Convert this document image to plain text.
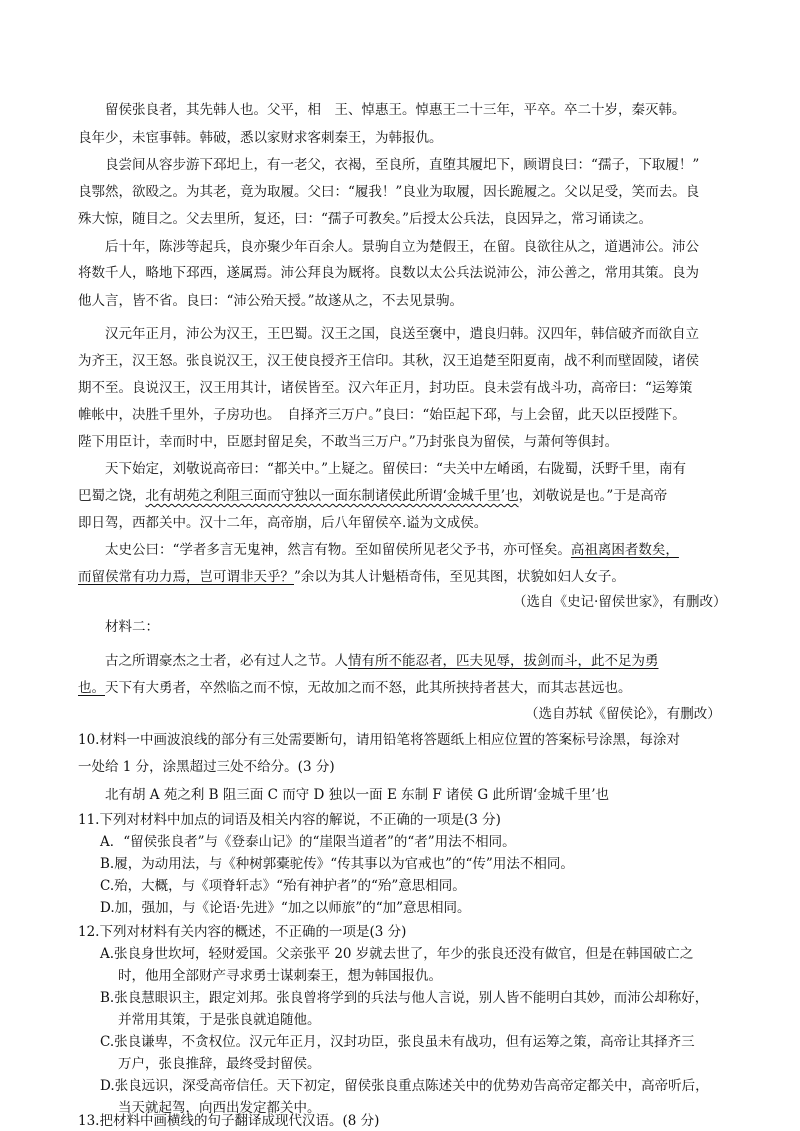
留侯张良者，其先韩人也。父平，相　王、悼惠王。悼惠王二十三年，平卒。卒二十岁，秦灭韩。
良年少，未宦事韩。韩破，悉以家财求客刺秦王，为韩报仇。
良尝间从容步游下邳圯上，有一老父，衣褐，至良所，直堕其履圯下，顾谓良曰：“孺子，下取履！”
良鄂然，欲殴之。为其老，竟为取履。父曰：“履我！”良业为取履，因长跪履之。父以足受，笑而去。良
殊大惊，随目之。父去里所，复还，曰：“孺子可教矣。”后授太公兵法，良因异之，常习诵读之。
后十年，陈涉等起兵，良亦聚少年百余人。景驹自立为楚假王，在留。良欲往从之，道遇沛公。沛公
将数千人，略地下邳西，遂属焉。沛公拜良为厩将。良数以太公兵法说沛公，沛公善之，常用其策。良为
他人言，皆不省。良曰：“沛公殆天授。”故遂从之，不去见景驹。
汉元年正月，沛公为汉王，王巴蜀。汉王之国，良送至褒中，遣良归韩。汉四年，韩信破齐而欲自立
为齐王，汉王怒。张良说汉王，汉王使良授齐王信印。其秋，汉王追楚至阳夏南，战不利而壁固陵，诸侯
期不至。良说汉王，汉王用其计，诸侯皆至。汉六年正月，封功臣。良未尝有战斗功，高帝曰：“运筹策
帷帐中，决胜千里外，子房功也。　自择齐三万户。”良曰：“始臣起下邳，与上会留，此天以臣授陛下。
陛下用臣计，幸而时中，臣愿封留足矣，不敢当三万户。”乃封张良为留侯，与萧何等俱封。
天下始定，刘敬说高帝曰：“都关中。”上疑之。留侯曰：“夫关中左崤函，右陇蜀，沃野千里，南有
巴蜀之饶，北有胡苑之利阻三面而守独以一面东制诸侯此所谓‘金城千里’也，刘敬说是也。”于是高帝
即日驾，西都关中。汉十二年，高帝崩，后八年留侯卒.谥为文成侯。
太史公曰：“学者多言无鬼神，然言有物。至如留侯所见老父予书，亦可怪矣。高祖离困者数矣，
而留侯常有功力焉，岂可谓非天乎？”余以为其人计魁梧奇伟，至见其图，状貌如妇人女子。
（选自《史记·留侯世家》，有删改）
材料二：
古之所谓豪杰之士者，必有过人之节。人情有所不能忍者，匹夫见辱，拔剑而斗，此不足为勇
也。天下有大勇者，卒然临之而不惊，无故加之而不怒，此其所挟持者甚大，而其志甚远也。
（选自苏轼《留侯论》，有删改）
10.材料一中画波浪线的部分有三处需要断句，请用铅笔将答题纸上相应位置的答案标号涂黑，每涂对
一处给 1 分，涂黑超过三处不给分。(3 分)
北有胡 A 苑之利 B 阻三面 C 而守 D 独以一面 E 东制 F 诸侯 G 此所谓‘金城千里’也
11.下列对材料中加点的词语及相关内容的解说，不正确的一项是(3 分)
A．“留侯张良者”与《登泰山记》的“崖限当道者”的“者”用法不相同。
B.履，为动用法，与《种树郭橐驼传》“传其事以为官戒也”的“传”用法不相同。
C.殆，大概，与《项脊轩志》“殆有神护者”的“殆”意思相同。
D.加，强加，与《论语·先进》“加之以师旅”的“加”意思相同。
12.下列对材料有关内容的概述，不正确的一项是(3 分)
A.张良身世坎坷，轻财爱国。父亲张平 20 岁就去世了，年少的张良还没有做官，但是在韩国破亡之
时，他用全部财产寻求勇士谋刺秦王，想为韩国报仇。
B.张良慧眼识主，跟定刘邦。张良曾将学到的兵法与他人言说，别人皆不能明白其妙，而沛公却称好，
并常用其策，于是张良就追随他。
C.张良谦卑，不贪权位。汉元年正月，汉封功臣，张良虽未有战功，但有运筹之策，高帝让其择齐三
万户，张良推辞，最终受封留侯。
D.张良远识，深受高帝信任。天下初定，留侯张良重点陈述关中的优势劝告高帝定都关中，高帝听后，
当天就起驾，向西出发定都关中。
13.把材料中画横线的句子翻译成现代汉语。(8 分)
